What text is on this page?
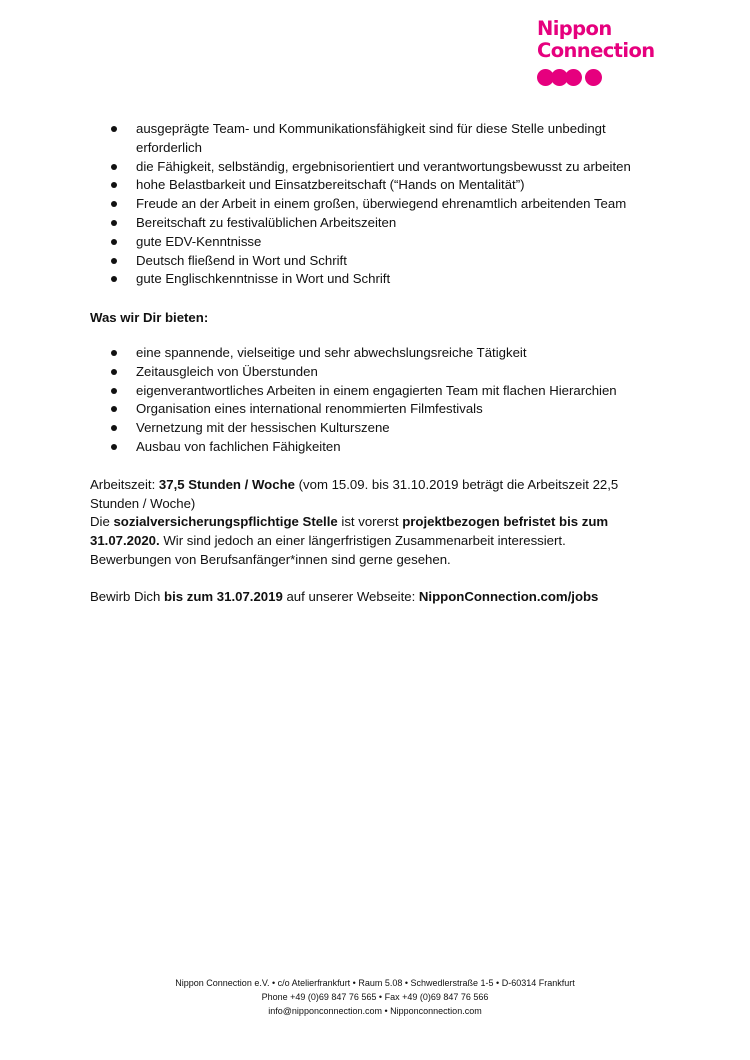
Nippon
Connection
ausgeprägte Team- und Kommunikationsfähigkeit sind für diese Stelle unbedingt erforderlich
die Fähigkeit, selbständig, ergebnisorientiert und verantwortungsbewusst zu arbeiten
hohe Belastbarkeit und Einsatzbereitschaft (“Hands on Mentalität”)
Freude an der Arbeit in einem großen, überwiegend ehrenamtlich arbeitenden Team
Bereitschaft zu festivalüblichen Arbeitszeiten
gute EDV-Kenntnisse
Deutsch fließend in Wort und Schrift
gute Englischkenntnisse in Wort und Schrift

Was wir Dir bieten:

eine spannende, vielseitige und sehr abwechslungsreiche Tätigkeit
Zeitausgleich von Überstunden
eigenverantwortliches Arbeiten in einem engagierten Team mit flachen Hierarchien
Organisation eines international renommierten Filmfestivals
Vernetzung mit der hessischen Kulturszene
Ausbau von fachlichen Fähigkeiten

Arbeitszeit: 37,5 Stunden / Woche (vom 15.09. bis 31.10.2019 beträgt die Arbeitszeit 22,5 Stunden / Woche)

Die sozialversicherungspflichtige Stelle ist vorerst projektbezogen befristet bis zum 31.07.2020. Wir sind jedoch an einer längerfristigen Zusammenarbeit interessiert.

Bewerbungen von Berufsanfänger*innen sind gerne gesehen.

Bewirb Dich bis zum 31.07.2019 auf unserer Webseite: NipponConnection.com/jobs

Nippon Connection e.V. • c/o Atelierfrankfurt • Raum 5.08 • Schwedlerstraße 1-5 • D-60314 Frankfurt
Phone +49 (0)69 847 76 565 • Fax +49 (0)69 847 76 566
info@nipponconnection.com • Nipponconnection.com
